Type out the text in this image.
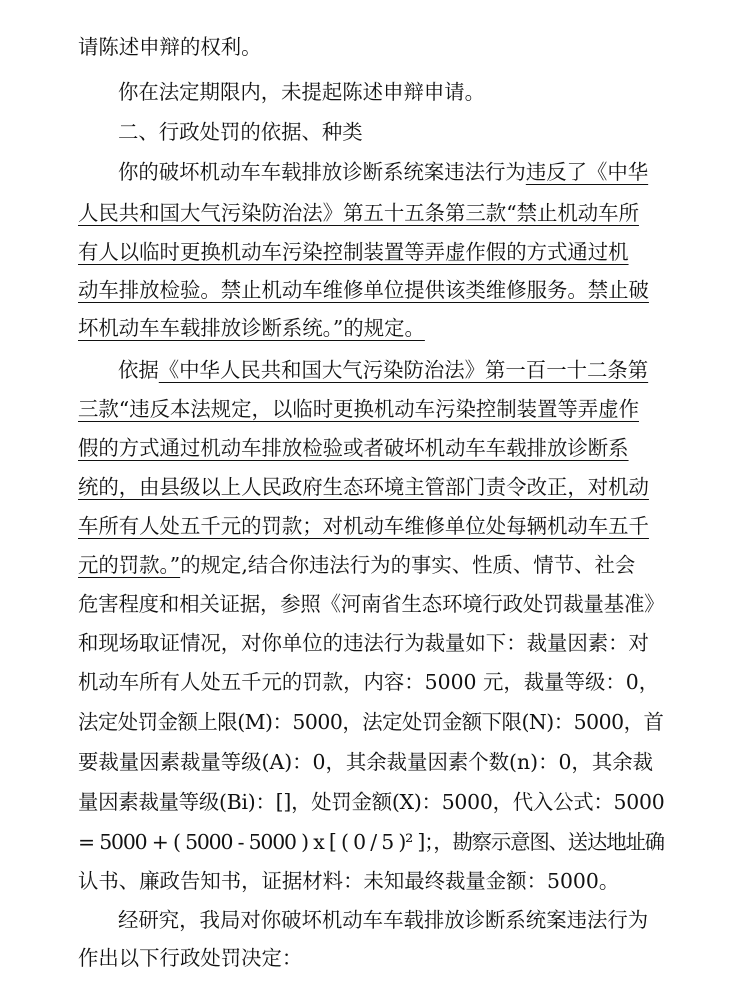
请陈述申辩的权利。
你在法定期限内，未提起陈述申辩申请。
二、行政处罚的依据、种类
你的破坏机动车车载排放诊断系统案违法行为违反了《中华
人民共和国大气污染防治法》第五十五条第三款“禁止机动车所
有人以临时更换机动车污染控制装置等弄虚作假的方式通过机
动车排放检验。禁止机动车维修单位提供该类维修服务。禁止破
坏机动车车载排放诊断系统。”的规定。
依据《中华人民共和国大气污染防治法》第一百一十二条第
三款“违反本法规定，以临时更换机动车污染控制装置等弄虚作
假的方式通过机动车排放检验或者破坏机动车车载排放诊断系
统的，由县级以上人民政府生态环境主管部门责令改正，对机动
车所有人处五千元的罚款；对机动车维修单位处每辆机动车五千
元的罚款。”的规定,结合你违法行为的事实、性质、情节、社会
危害程度和相关证据，参照《河南省生态环境行政处罚裁量基准》
和现场取证情况，对你单位的违法行为裁量如下：裁量因素：对
机动车所有人处五千元的罚款，内容：5000 元，裁量等级：0，
法定处罚金额上限(M)：5000，法定处罚金额下限(N)：5000，首
要裁量因素裁量等级(A)：0，其余裁量因素个数(n)：0，其余裁
量因素裁量等级(Bi)：[]，处罚金额(X)：5000，代入公式：5000
= 5000 + ( 5000 - 5000 ) x [ ( 0 / 5 )² ]；，勘察示意图、送达地址确
认书、廉政告知书，证据材料：未知最终裁量金额：5000。
经研究，我局对你破坏机动车车载排放诊断系统案违法行为
作出以下行政处罚决定：
